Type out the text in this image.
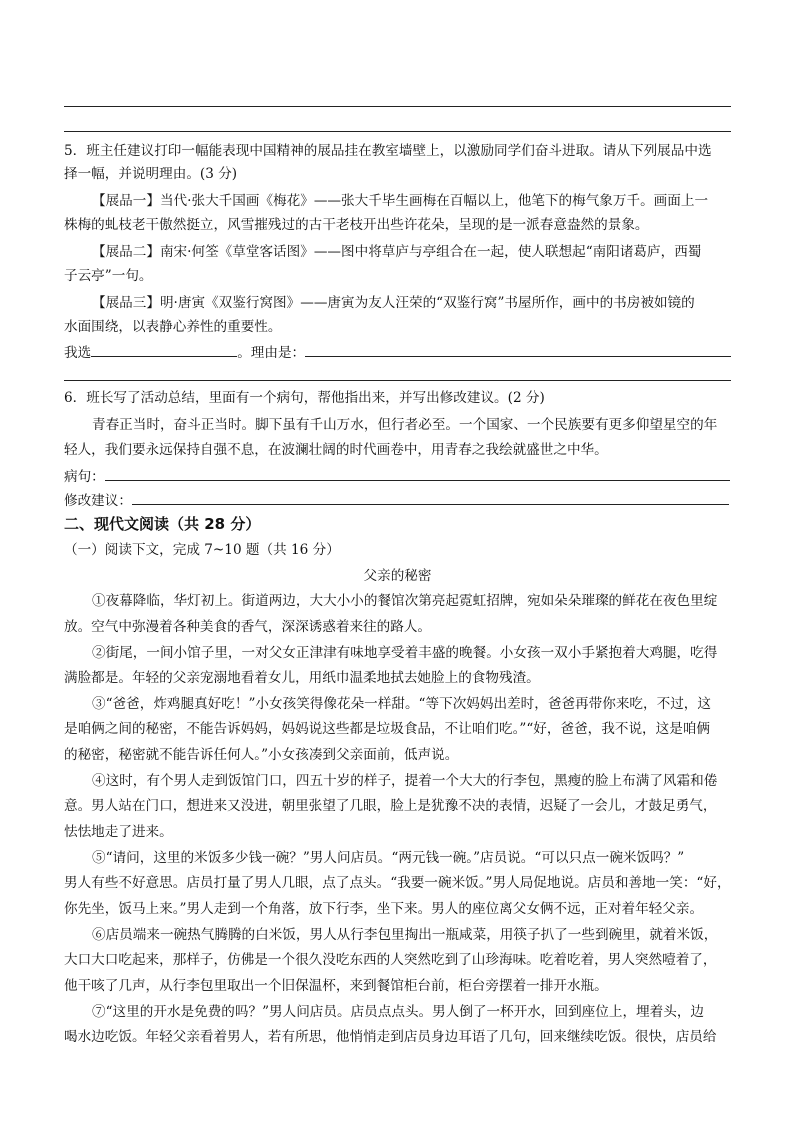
5．班主任建议打印一幅能表现中国精神的展品挂在教室墙壁上，以激励同学们奋斗进取。请从下列展品中选
择一幅，并说明理由。(3 分)
【展品一】当代·张大千国画《梅花》——张大千毕生画梅在百幅以上，他笔下的梅气象万千。画面上一
株梅的虬枝老干傲然挺立，风雪摧残过的古干老枝开出些许花朵，呈现的是一派春意盎然的景象。
【展品二】南宋·何筌《草堂客话图》——图中将草庐与亭组合在一起，使人联想起“南阳诸葛庐，西蜀
子云亭”一句。
【展品三】明·唐寅《双鉴行窝图》——唐寅为友人汪荣的“双鉴行窝”书屋所作，画中的书房被如镜的
水面围绕，以表静心养性的重要性。
我选	。理由是：
6．班长写了活动总结，里面有一个病句，帮他指出来，并写出修改建议。(2 分)
青春正当时，奋斗正当时。脚下虽有千山万水，但行者必至。一个国家、一个民族要有更多仰望星空的年
轻人，我们要永远保持自强不息，在波澜壮阔的时代画卷中，用青春之我绘就盛世之中华。
病句：
修改建议：
二、现代文阅读（共 28 分）
（一）阅读下文，完成 7~10 题（共 16 分）
父亲的秘密
①夜幕降临，华灯初上。街道两边，大大小小的餐馆次第亮起霓虹招牌，宛如朵朵璀璨的鲜花在夜色里绽
放。空气中弥漫着各种美食的香气，深深诱惑着来往的路人。
②街尾，一间小馆子里，一对父女正津津有味地享受着丰盛的晚餐。小女孩一双小手紧抱着大鸡腿，吃得
满脸都是。年轻的父亲宠溺地看着女儿，用纸巾温柔地拭去她脸上的食物残渣。
③“爸爸，炸鸡腿真好吃！”小女孩笑得像花朵一样甜。“等下次妈妈出差时，爸爸再带你来吃，不过，这
是咱俩之间的秘密，不能告诉妈妈，妈妈说这些都是垃圾食品，不让咱们吃。”“好，爸爸，我不说，这是咱俩
的秘密，秘密就不能告诉任何人。”小女孩凑到父亲面前，低声说。
④这时，有个男人走到饭馆门口，四五十岁的样子，提着一个大大的行李包，黑瘦的脸上布满了风霜和倦
意。男人站在门口，想进来又没进，朝里张望了几眼，脸上是犹豫不决的表情，迟疑了一会儿，才鼓足勇气，
怯怯地走了进来。
⑤“请问，这里的米饭多少钱一碗？”男人问店员。“两元钱一碗。”店员说。“可以只点一碗米饭吗？”
男人有些不好意思。店员打量了男人几眼，点了点头。“我要一碗米饭。”男人局促地说。店员和善地一笑：“好，
你先坐，饭马上来。”男人走到一个角落，放下行李，坐下来。男人的座位离父女俩不远，正对着年轻父亲。
⑥店员端来一碗热气腾腾的白米饭，男人从行李包里掏出一瓶咸菜，用筷子扒了一些到碗里，就着米饭，
大口大口吃起来，那样子，仿佛是一个很久没吃东西的人突然吃到了山珍海味。吃着吃着，男人突然噎着了，
他干咳了几声，从行李包里取出一个旧保温杯，来到餐馆柜台前，柜台旁摆着一排开水瓶。
⑦“这里的开水是免费的吗？”男人问店员。店员点点头。男人倒了一杯开水，回到座位上，埋着头，边
喝水边吃饭。年轻父亲看着男人，若有所思，他悄悄走到店员身边耳语了几句，回来继续吃饭。很快，店员给
